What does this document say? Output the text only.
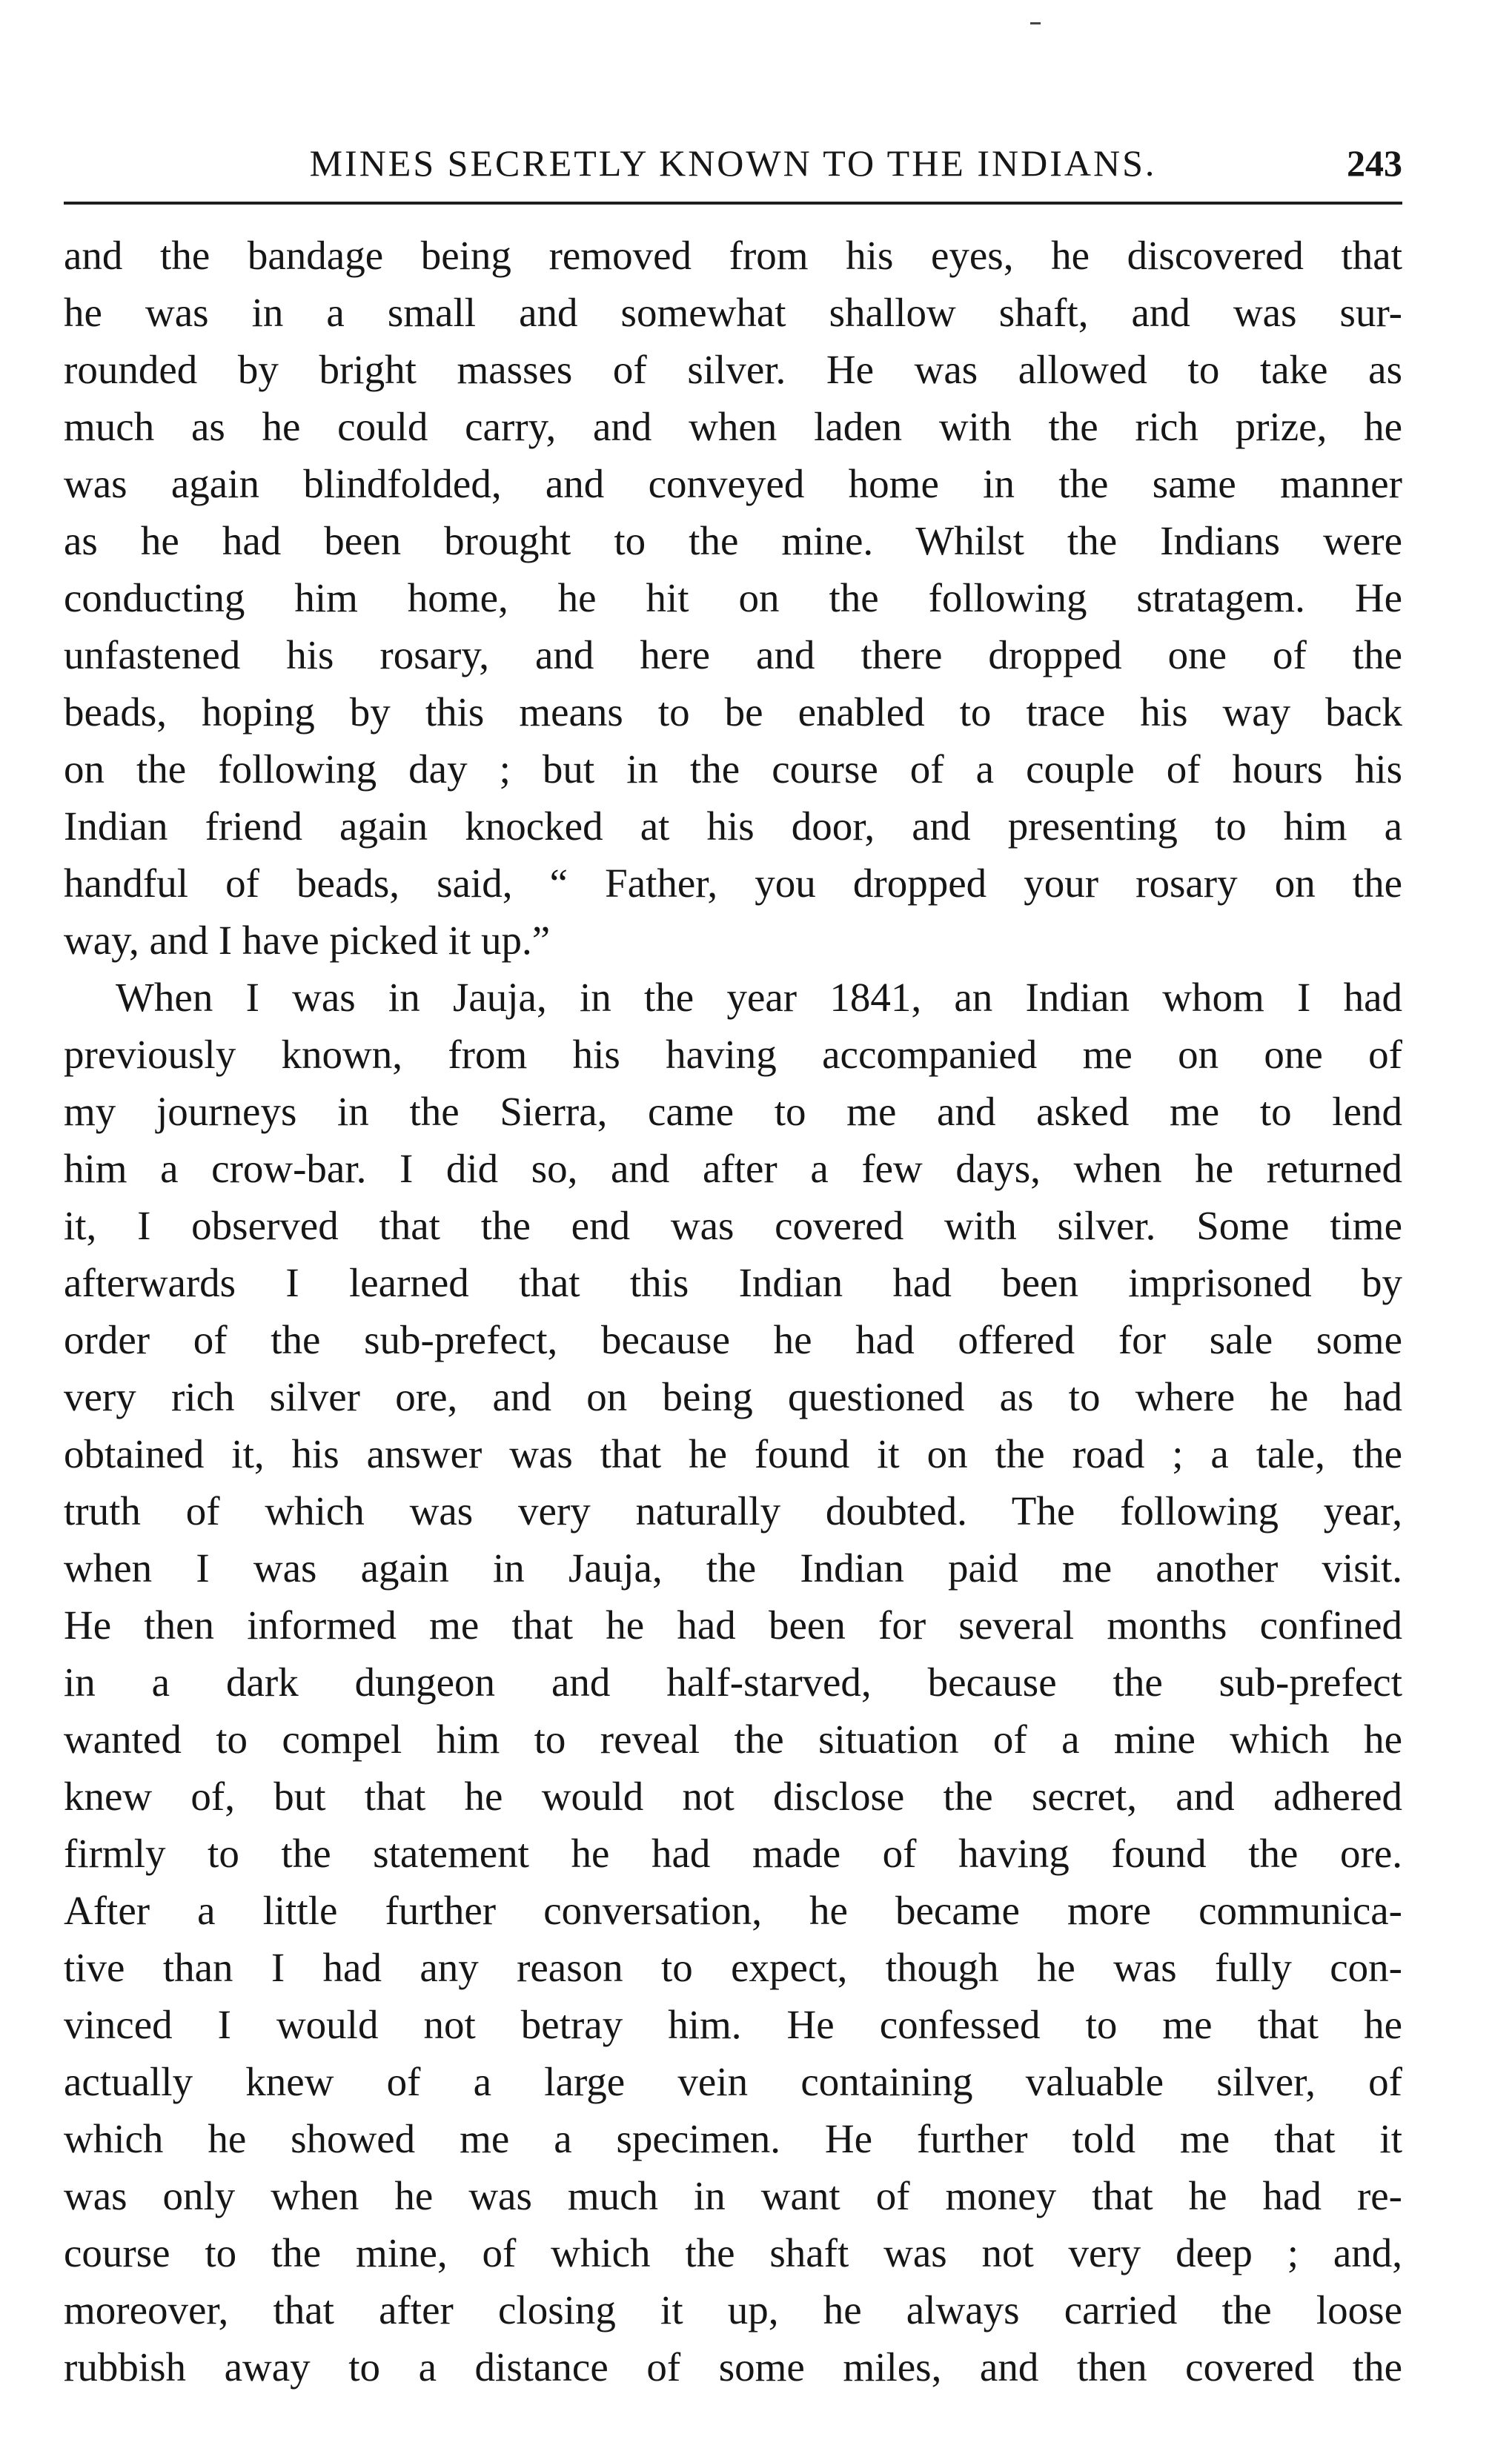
MINES SECRETLY KNOWN TO THE INDIANS.	243
and the bandage being removed from his eyes, he discovered that
he was in a small and somewhat shallow shaft, and was sur-
rounded by bright masses of silver. He was allowed to take as
much as he could carry, and when laden with the rich prize, he
was again blindfolded, and conveyed home in the same manner
as he had been brought to the mine. Whilst the Indians were
conducting him home, he hit on the following stratagem. He
unfastened his rosary, and here and there dropped one of the
beads, hoping by this means to be enabled to trace his way back
on the following day ; but in the course of a couple of hours his
Indian friend again knocked at his door, and presenting to him a
handful of beads, said, “ Father, you dropped your rosary on the
way, and I have picked it up.”
When I was in Jauja, in the year 1841, an Indian whom I had
previously known, from his having accompanied me on one of
my journeys in the Sierra, came to me and asked me to lend
him a crow-bar. I did so, and after a few days, when he returned
it, I observed that the end was covered with silver. Some time
afterwards I learned that this Indian had been imprisoned by
order of the sub-prefect, because he had offered for sale some
very rich silver ore, and on being questioned as to where he had
obtained it, his answer was that he found it on the road ; a tale, the
truth of which was very naturally doubted. The following year,
when I was again in Jauja, the Indian paid me another visit.
He then informed me that he had been for several months confined
in a dark dungeon and half-starved, because the sub-prefect
wanted to compel him to reveal the situation of a mine which he
knew of, but that he would not disclose the secret, and adhered
firmly to the statement he had made of having found the ore.
After a little further conversation, he became more communica-
tive than I had any reason to expect, though he was fully con-
vinced I would not betray him. He confessed to me that he
actually knew of a large vein containing valuable silver, of
which he showed me a specimen. He further told me that it
was only when he was much in want of money that he had re-
course to the mine, of which the shaft was not very deep ; and,
moreover, that after closing it up, he always carried the loose
rubbish away to a distance of some miles, and then covered the
